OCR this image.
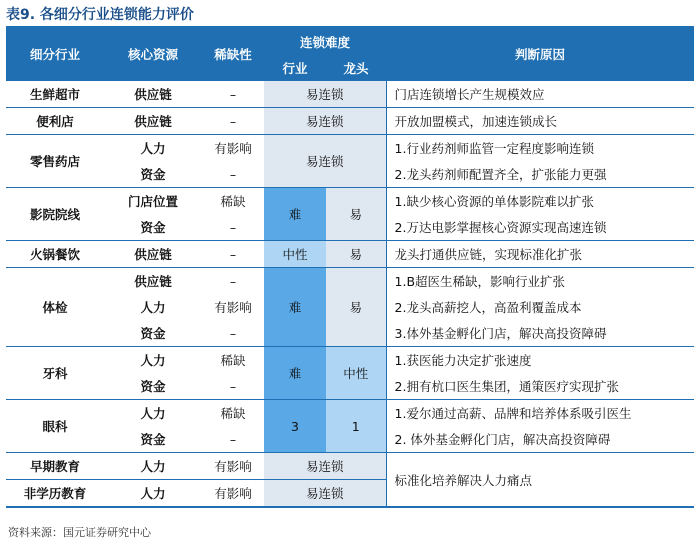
表9. 各细分行业连锁能力评价
细分行业	核心资源	稀缺性	连锁难度		判断原因
			行业	龙头	
生鲜超市	供应链	–	易连锁		门店连锁增长产生规模效应
便利店	供应链	–	易连锁		开放加盟模式，加速连锁成长
零售药店	人力	有影响	易连锁		1.行业药剂师监管一定程度影响连锁
	资金	–			2.龙头药剂师配置齐全，扩张能力更强
影院院线	门店位置	稀缺	难	易	1.缺少核心资源的单体影院难以扩张
	资金	–			2.万达电影掌握核心资源实现高速连锁
火锅餐饮	供应链	–	中性	易	龙头打通供应链，实现标准化扩张
体检	供应链	–	难	易	1.B超医生稀缺，影响行业扩张
	人力	有影响			2.龙头高薪挖人，高盈利覆盖成本
	资金	–			3.体外基金孵化门店，解决高投资障碍
牙科	人力	稀缺	难	中性	1.获医能力决定扩张速度
	资金	–			2.拥有杭口医生集团，通策医疗实现扩张
眼科	人力	稀缺	3	1	1.爱尔通过高薪、品牌和培养体系吸引医生
	资金	–			2. 体外基金孵化门店，解决高投资障碍
早期教育	人力	有影响	易连锁		标准化培养解决人力痛点
非学历教育	人力	有影响	易连锁		
资料来源：国元证券研究中心
